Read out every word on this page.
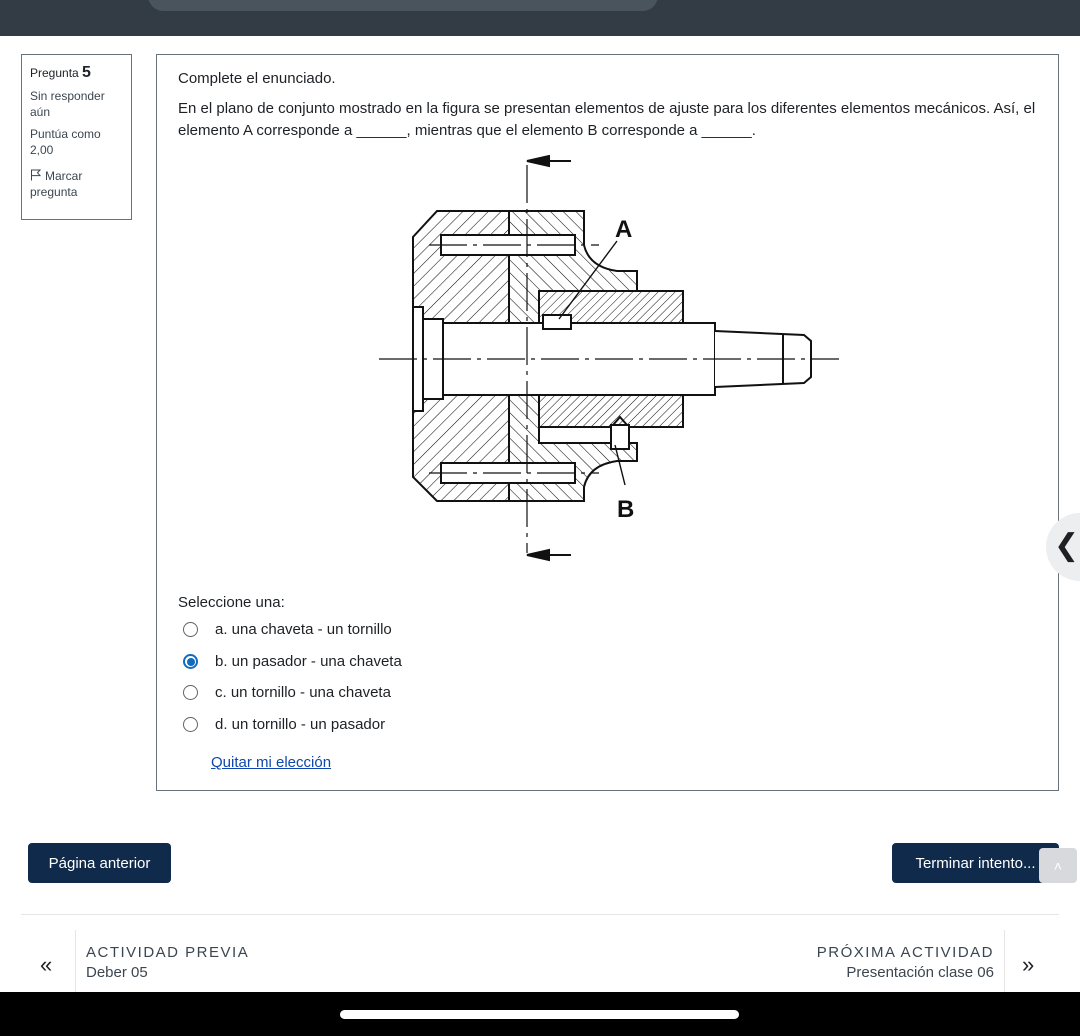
Pregunta 5
Sin responder aún
Puntúa como 2,00
Marcar pregunta
Complete el enunciado.
En el plano de conjunto mostrado en la figura se presentan elementos de ajuste para los diferentes elementos mecánicos. Así, el elemento A corresponde a ______, mientras que el elemento B corresponde a ______.
A
B
Seleccione una:
a. una chaveta - un tornillo
b. un pasador - una chaveta
c. un tornillo - una chaveta
d. un tornillo - un pasador
Quitar mi elección
❮
Página anterior	Terminar intento...	˄
« ACTIVIDAD PREVIA
Deber 05
PRÓXIMA ACTIVIDAD
Presentación clase 06 »
